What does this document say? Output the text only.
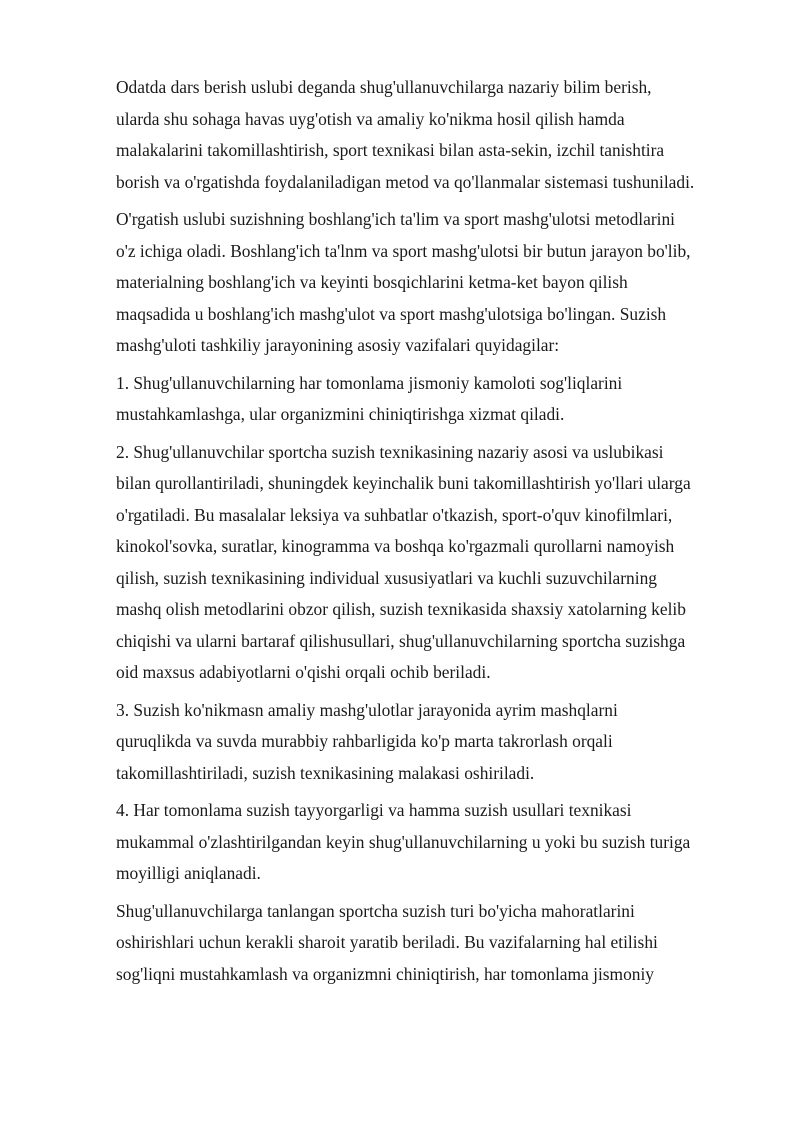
Odatda dars berish uslubi deganda shug'ullanuvchilarga nazariy bilim berish,
ularda shu sohaga havas uyg'otish va amaliy ko'nikma hosil qilish hamda
malakalarini takomillashtirish, sport texnikasi bilan asta-sekin, izchil tanishtira
borish va o'rgatishda foydalaniladigan metod va qo'llanmalar sistemasi tushuniladi.

O'rgatish uslubi suzishning boshlang'ich ta'lim va sport mashg'ulotsi metodlarini
o'z ichiga oladi. Boshlang'ich ta'lnm va sport mashg'ulotsi bir butun jarayon bo'lib,
materialning boshlang'ich va keyinti bosqichlarini ketma-ket bayon qilish
maqsadida u boshlang'ich mashg'ulot va sport mashg'ulotsiga bo'lingan. Suzish
mashg'uloti tashkiliy jarayonining asosiy vazifalari quyidagilar:

1. Shug'ullanuvchilarning har tomonlama jismoniy kamoloti sog'liqlarini
mustahkamlashga, ular organizmini chiniqtirishga xizmat qiladi.

2. Shug'ullanuvchilar sportcha suzish texnikasining nazariy asosi va uslubikasi
bilan qurollantiriladi, shuningdek keyinchalik buni takomillashtirish yo'llari ularga
o'rgatiladi. Bu masalalar leksiya va suhbatlar o'tkazish, sport-o'quv kinofilmlari,
kinokol'sovka, suratlar, kinogramma va boshqa ko'rgazmali qurollarni namoyish
qilish, suzish texnikasining individual xususiyatlari va kuchli suzuvchilarning
mashq olish metodlarini obzor qilish, suzish texnikasida shaxsiy xatolarning kelib
chiqishi va ularni bartaraf qilishusullari, shug'ullanuvchilarning sportcha suzishga
oid maxsus adabiyotlarni o'qishi orqali ochib beriladi.

3. Suzish ko'nikmasn amaliy mashg'ulotlar jarayonida ayrim mashqlarni
quruqlikda va suvda murabbiy rahbarligida ko'p marta takrorlash orqali
takomillashtiriladi, suzish texnikasining malakasi oshiriladi.

4. Har tomonlama suzish tayyorgarligi va hamma suzish usullari texnikasi
mukammal o'zlashtirilgandan keyin shug'ullanuvchilarning u yoki bu suzish turiga
moyilligi aniqlanadi.

Shug'ullanuvchilarga tanlangan sportcha suzish turi bo'yicha mahoratlarini
oshirishlari uchun kerakli sharoit yaratib beriladi. Bu vazifalarning hal etilishi
sog'liqni mustahkamlash va organizmni chiniqtirish, har tomonlama jismoniy
